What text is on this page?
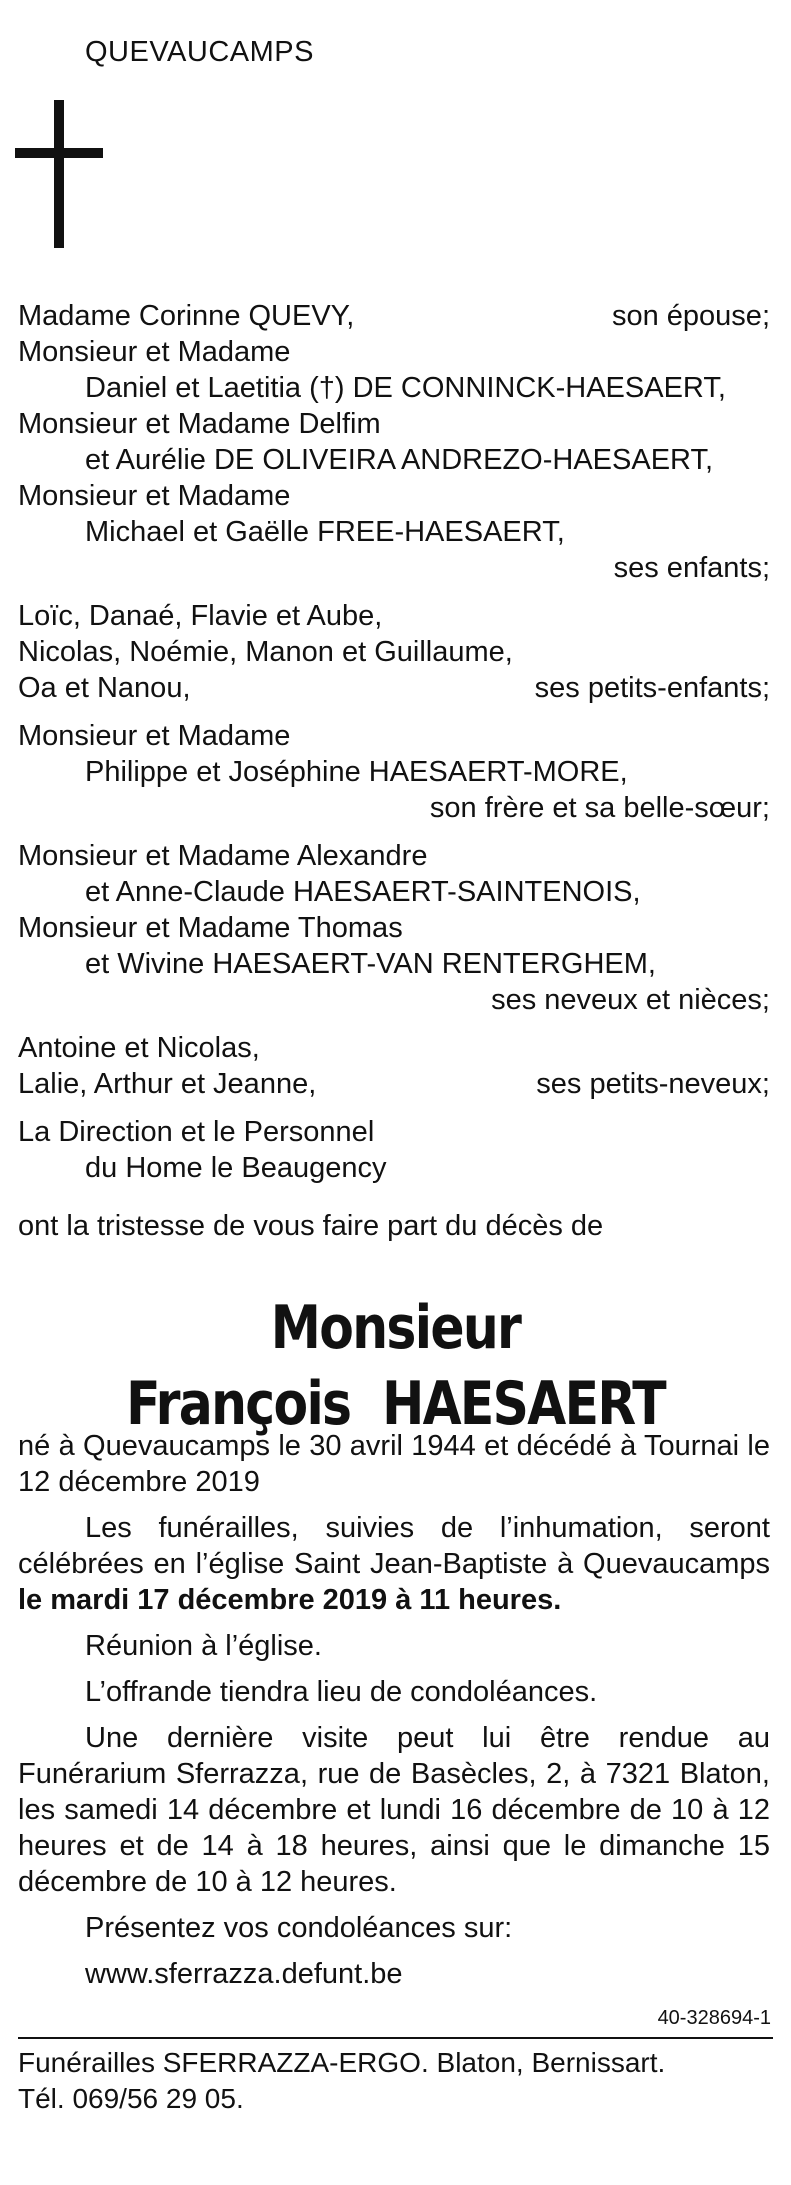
QUEVAUCAMPS
Madame Corinne QUEVY,	son épouse;
Monsieur et Madame
Daniel et Laetitia (†) DE CONNINCK-HAESAERT,
Monsieur et Madame Delfim
et Aurélie DE OLIVEIRA ANDREZO-HAESAERT,
Monsieur et Madame
Michael et Gaëlle FREE-HAESAERT,
ses enfants;
Loïc, Danaé, Flavie et Aube,
Nicolas, Noémie, Manon et Guillaume,
Oa et Nanou,	ses petits-enfants;
Monsieur et Madame
Philippe et Joséphine HAESAERT-MORE,
son frère et sa belle-sœur;
Monsieur et Madame Alexandre
et Anne-Claude HAESAERT-SAINTENOIS,
Monsieur et Madame Thomas
et Wivine HAESAERT-VAN RENTERGHEM,
ses neveux et nièces;
Antoine et Nicolas,
Lalie, Arthur et Jeanne,	ses petits-neveux;
La Direction et le Personnel
du Home le Beaugency
ont la tristesse de vous faire part du décès de
Monsieur
François  HAESAERT

né à Quevaucamps le 30 avril 1944 et décédé à Tournai le 12 décembre 2019

Les funérailles, suivies de l’inhumation, seront célébrées en l’église Saint Jean-Baptiste à Quevaucamps le mardi 17 décembre 2019 à 11 heures.

Réunion à l’église.

L’offrande tiendra lieu de condoléances.

Une dernière visite peut lui être rendue au Funérarium Sferrazza, rue de Basècles, 2, à 7321 Blaton, les samedi 14 décembre et lundi 16 décembre de 10 à 12 heures et de 14 à 18 heures, ainsi que le dimanche 15 décembre de 10 à 12 heures.

Présentez vos condoléances sur:

www.sferrazza.defunt.be

40-328694-1
Funérailles SFERRAZZA-ERGO. Blaton, Bernissart.
Tél. 069/56 29 05.
